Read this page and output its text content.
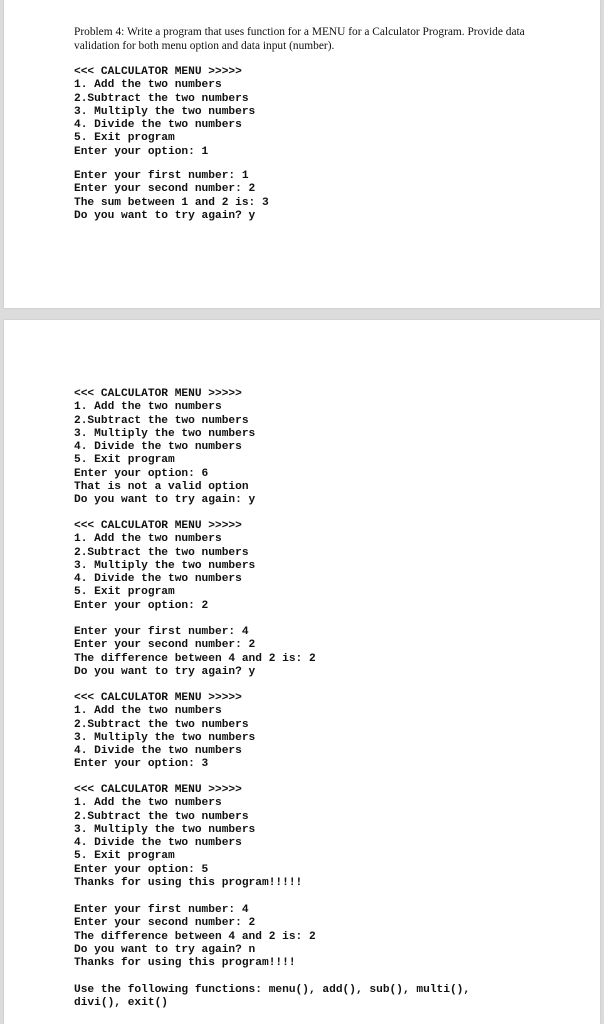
Problem 4: Write a program that uses function for a MENU for a Calculator Program. Provide data validation for both menu option and data input (number).

<<< CALCULATOR MENU >>>>>
1. Add the two numbers
2.Subtract the two numbers
3. Multiply the two numbers
4. Divide the two numbers
5. Exit program
Enter your option: 1
Enter your first number: 1
Enter your second number: 2
The sum between 1 and 2 is: 3
Do you want to try again? y
<<< CALCULATOR MENU >>>>>
1. Add the two numbers
2.Subtract the two numbers
3. Multiply the two numbers
4. Divide the two numbers
5. Exit program
Enter your option: 6
That is not a valid option
Do you want to try again: y
<<< CALCULATOR MENU >>>>>
1. Add the two numbers
2.Subtract the two numbers
3. Multiply the two numbers
4. Divide the two numbers
5. Exit program
Enter your option: 2
Enter your first number: 4
Enter your second number: 2
The difference between 4 and 2 is: 2
Do you want to try again? y
<<< CALCULATOR MENU >>>>>
1. Add the two numbers
2.Subtract the two numbers
3. Multiply the two numbers
4. Divide the two numbers
Enter your option: 3
<<< CALCULATOR MENU >>>>>
1. Add the two numbers
2.Subtract the two numbers
3. Multiply the two numbers
4. Divide the two numbers
5. Exit program
Enter your option: 5
Thanks for using this program!!!!!
Enter your first number: 4
Enter your second number: 2
The difference between 4 and 2 is: 2
Do you want to try again? n
Thanks for using this program!!!!
Use the following functions: menu(), add(), sub(), multi(),
divi(), exit()
